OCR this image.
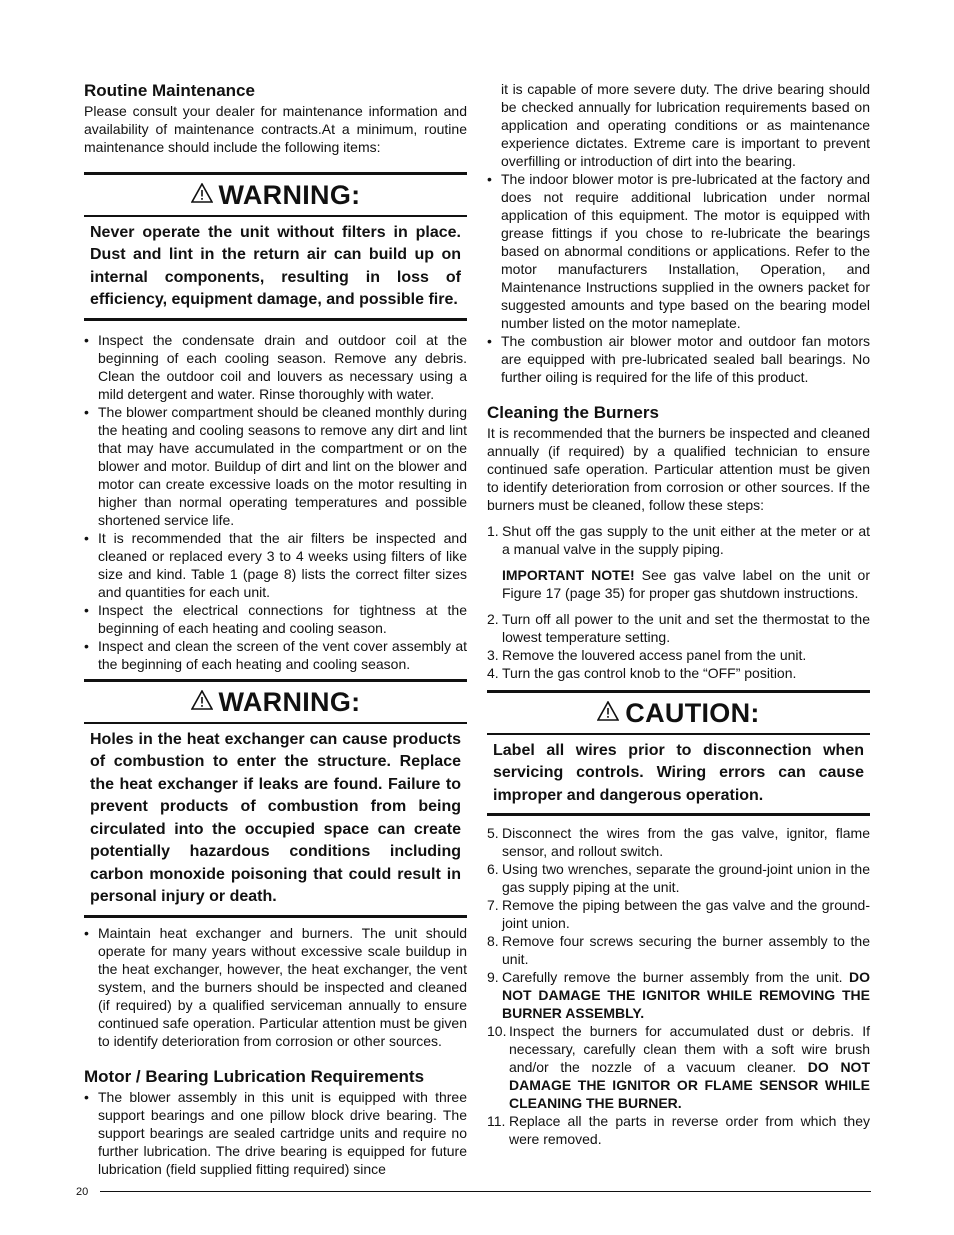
Routine Maintenance

Please consult your dealer for maintenance information and availability of maintenance contracts.At a minimum, routine maintenance should include the following items:

WARNING:
Never operate the unit without filters in place. Dust and lint in the return air can build up on internal components, resulting in loss of efficiency, equipment damage, and possible fire.
• Inspect the condensate drain and outdoor coil at the beginning of each cooling season. Remove any debris. Clean the outdoor coil and louvers as necessary using a mild detergent and water. Rinse thoroughly with water.
• The blower compartment should be cleaned monthly during the heating and cooling seasons to remove any dirt and lint that may have accumulated in the compartment or on the blower and motor. Buildup of dirt and lint on the blower and motor can create excessive loads on the motor resulting in higher than normal operating temperatures and possible shortened service life.
• It is recommended that the air filters be inspected and cleaned or replaced every 3 to 4 weeks using filters of like size and kind. Table 1 (page 8) lists the correct filter sizes and quantities for each unit.
• Inspect the electrical connections for tightness at the beginning of each heating and cooling season.
• Inspect and clean the screen of the vent cover assembly at the beginning of each heating and cooling season.
WARNING:
Holes in the heat exchanger can cause products of combustion to enter the structure. Replace the heat exchanger if leaks are found. Failure to prevent products of combustion from being circulated into the occupied space can create potentially hazardous conditions including carbon monoxide poisoning that could result in personal injury or death.
• Maintain heat exchanger and burners. The unit should operate for many years without excessive scale buildup in the heat exchanger, however, the heat exchanger, the vent system, and the burners should be inspected and cleaned (if required) by a qualified serviceman annually to ensure continued safe operation. Particular attention must be given to identify deterioration from corrosion or other sources.
Motor / Bearing Lubrication Requirements
• The blower assembly in this unit is equipped with three support bearings and one pillow block drive bearing. The support bearings are sealed cartridge units and require no further lubrication. The drive bearing is equipped for future lubrication (field supplied fitting required) since

it is capable of more severe duty. The drive bearing should be checked annually for lubrication requirements based on application and operating conditions or as maintenance experience dictates. Extreme care is important to prevent overfilling or introduction of dirt into the bearing.

• The indoor blower motor is pre-lubricated at the factory and does not require additional lubrication under normal application of this equipment. The motor is equipped with grease fittings if you chose to re-lubricate the bearings based on abnormal conditions or applications. Refer to the motor manufacturers Installation, Operation, and Maintenance Instructions supplied in the owners packet for suggested amounts and type based on the bearing model number listed on the motor nameplate.
• The combustion air blower motor and outdoor fan motors are equipped with pre-lubricated sealed ball bearings. No further oiling is required for the life of this product.
Cleaning the Burners

It is recommended that the burners be inspected and cleaned annually (if required) by a qualified technician to ensure continued safe operation. Particular attention must be given to identify deterioration from corrosion or other sources. If the burners must be cleaned, follow these steps:

1. Shut off the gas supply to the unit either at the meter or at a manual valve in the supply piping.

IMPORTANT NOTE! See gas valve label on the unit or Figure 17 (page 35) for proper gas shutdown instructions.

2. Turn off all power to the unit and set the thermostat to the lowest temperature setting.
3. Remove the louvered access panel from the unit.
4. Turn the gas control knob to the “OFF” position.
CAUTION:
Label all wires prior to disconnection when servicing controls. Wiring errors can cause improper and dangerous operation.
5. Disconnect the wires from the gas valve, ignitor, flame sensor, and rollout switch.
6. Using two wrenches, separate the ground-joint union in the gas supply piping at the unit.
7. Remove the piping between the gas valve and the ground-joint union.
8. Remove four screws securing the burner assembly to the unit.
9. Carefully remove the burner assembly from the unit. DO NOT DAMAGE THE IGNITOR WHILE REMOVING THE BURNER ASSEMBLY.
10. Inspect the burners for accumulated dust or debris. If necessary, carefully clean them with a soft wire brush and/or the nozzle of a vacuum cleaner. DO NOT DAMAGE THE IGNITOR OR FLAME SENSOR WHILE CLEANING THE BURNER.
11. Replace all the parts in reverse order from which they were removed.
20
